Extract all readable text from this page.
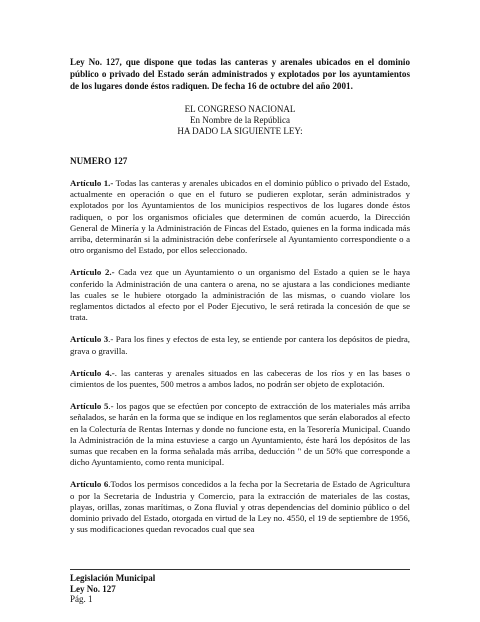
Ley No. 127, que dispone que todas las canteras y arenales ubicados en el dominio público o privado del Estado serán administrados y explotados por los ayuntamientos de los lugares donde éstos radiquen. De fecha 16 de octubre del año 2001.

EL CONGRESO NACIONAL
En Nombre de la República
HA DADO LA SIGUIENTE LEY:
NUMERO 127

Artículo 1.- Todas las canteras y arenales ubicados en el dominio público o privado del Estado, actualmente en operación o que en el futuro se pudieren explotar, serán administrados y explotados por los Ayuntamientos de los municipios respectivos de los lugares donde éstos radiquen, o por los organismos oficiales que determinen de común acuerdo, la Dirección General de Minería y la Administración de Fincas del Estado, quienes en la forma indicada más arriba, determinarán si la administración debe conferírsele al Ayuntamiento correspondiente o a otro organismo del Estado, por ellos seleccionado.

Artículo 2.- Cada vez que un Ayuntamiento o un organismo del Estado a quien se le haya conferido la Administración de una cantera o arena, no se ajustara a las condiciones mediante las cuales se le hubiere otorgado la administración de las mismas, o cuando violare los reglamentos dictados al efecto por el Poder Ejecutivo, le será retirada la concesión de que se trata.

Artículo 3.- Para los fines y efectos de esta ley, se entiende por cantera los depósitos de piedra, grava o gravilla.

Artículo 4.-. las canteras y arenales situados en las cabeceras de los ríos y en las bases o cimientos de los puentes, 500 metros a ambos lados, no podrán ser objeto de explotación.

Artículo 5.- los pagos que se efectúen por concepto de extracción de los materiales más arriba señalados, se harán en la forma que se indique en los reglamentos que serán elaborados al efecto en la Colecturía de Rentas Internas y donde no funcione esta, en la Tesorería Municipal. Cuando la Administración de la mina estuviese a cargo un Ayuntamiento, éste hará los depósitos de las sumas que recaben en la forma señalada más arriba, deducción " de un 50% que corresponde a dicho Ayuntamiento, como renta municipal.

Artículo 6.Todos los permisos concedidos a la fecha por la Secretaria de Estado de Agricultura o por la Secretaria de Industria y Comercio, para la extracción de materiales de las costas, playas, orillas, zonas marítimas, o Zona fluvial y otras dependencias del dominio público o del dominio privado del Estado, otorgada en virtud de la Ley no. 4550, el 19 de septiembre de 1956, y sus modificaciones quedan revocados cual que sea

Legislación Municipal
Ley No. 127
Pág. 1
